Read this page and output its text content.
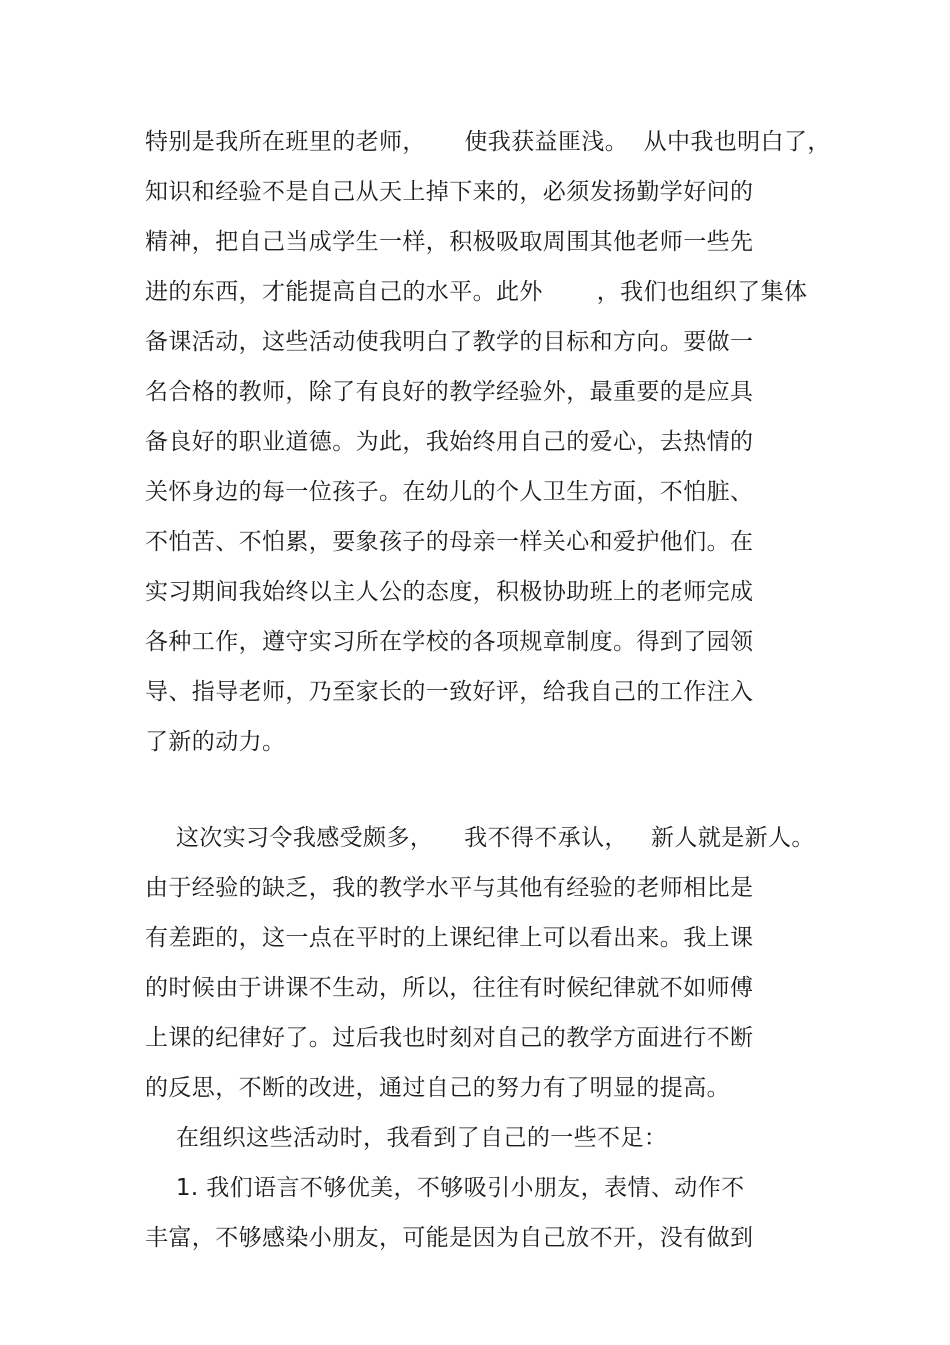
特别是我所在班里的老师，     使我获益匪浅。  从中我也明白了，
知识和经验不是自己从天上掉下来的，必须发扬勤学好问的
精神，把自己当成学生一样，积极吸取周围其他老师一些先
进的东西，才能提高自己的水平。此外       ，我们也组织了集体
备课活动，这些活动使我明白了教学的目标和方向。要做一
名合格的教师，除了有良好的教学经验外，最重要的是应具
备良好的职业道德。为此，我始终用自己的爱心，去热情的
关怀身边的每一位孩子。在幼儿的个人卫生方面，不怕脏、
不怕苦、不怕累，要象孩子的母亲一样关心和爱护他们。在
实习期间我始终以主人公的态度，积极协助班上的老师完成
各种工作，遵守实习所在学校的各项规章制度。得到了园领
导、指导老师，乃至家长的一致好评，给我自己的工作注入
了新的动力。
这次实习令我感受颇多，    我不得不承认，   新人就是新人。
由于经验的缺乏，我的教学水平与其他有经验的老师相比是
有差距的，这一点在平时的上课纪律上可以看出来。我上课
的时候由于讲课不生动，所以，往往有时候纪律就不如师傅
上课的纪律好了。过后我也时刻对自己的教学方面进行不断
的反思，不断的改进，通过自己的努力有了明显的提高。
在组织这些活动时，我看到了自己的一些不足：
1. 我们语言不够优美，不够吸引小朋友，表情、动作不
丰富，不够感染小朋友，可能是因为自己放不开，没有做到
